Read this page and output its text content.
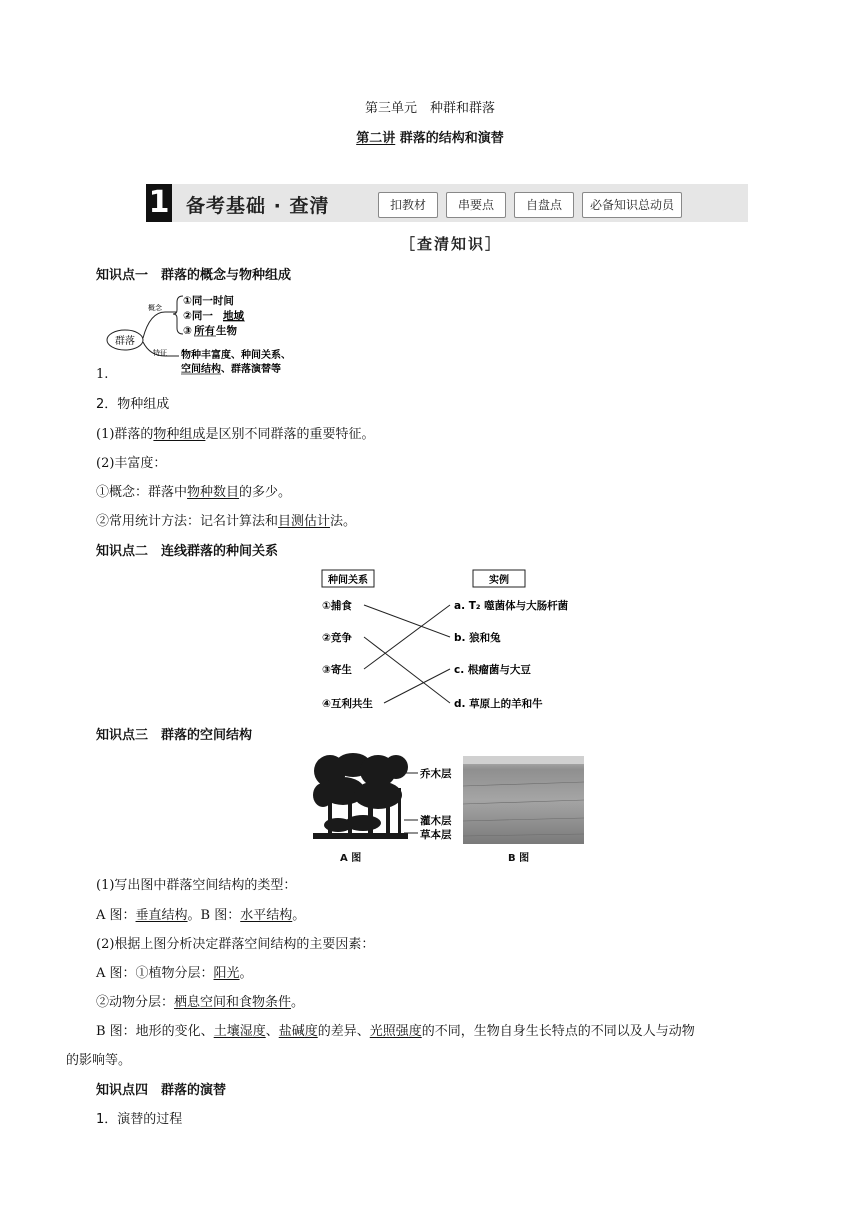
第三单元　种群和群落
第二讲 群落的结构和演替
1 备考基础 · 查清	扣教材	串要点	自盘点	必备知识总动员
［查清知识］
知识点一　群落的概念与物种组成
群落
概念
特征
①同一时间
②同一 地域
③ 所有 生物
物种丰富度、种间关系、
空间结构 、群落演替等
1.
2．物种组成
(1)群落的物种组成是区别不同群落的重要特征。
(2)丰富度：
①概念：群落中物种数目的多少。
②常用统计方法：记名计算法和目测估计法。
知识点二　连线群落的种间关系
种间关系	实例
①捕食
②竞争
③寄生
④互利共生
a. T₂ 噬菌体与大肠杆菌
b. 狼和兔
c. 根瘤菌与大豆
d. 草原上的羊和牛
知识点三　群落的空间结构
乔木层
灌木层
草本层
A 图	B 图
(1)写出图中群落空间结构的类型：
A 图：垂直结构。B 图：水平结构。
(2)根据上图分析决定群落空间结构的主要因素：
A 图：①植物分层：阳光。
②动物分层：栖息空间和食物条件。
B 图：地形的变化、土壤湿度、盐碱度的差异、光照强度的不同，生物自身生长特点的不同以及人与动物
的影响等。
知识点四　群落的演替
1．演替的过程
